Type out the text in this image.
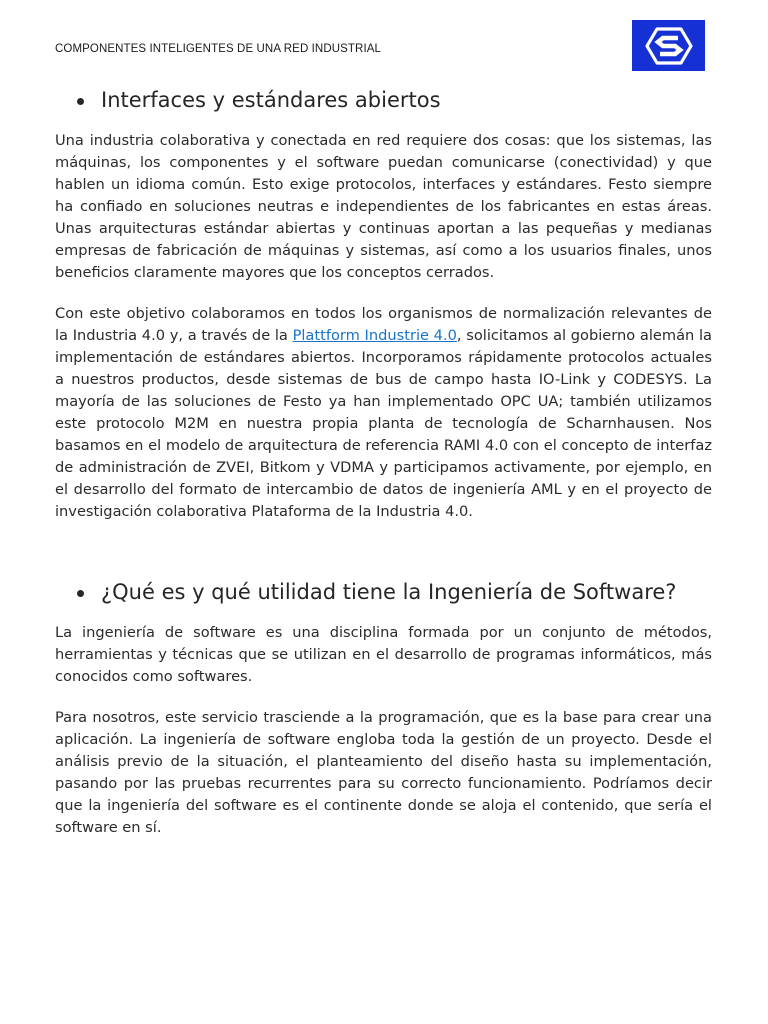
COMPONENTES INTELIGENTES DE UNA RED INDUSTRIAL
Interfaces y estándares abiertos

Una industria colaborativa y conectada en red requiere dos cosas: que los sistemas, las máquinas, los componentes y el software puedan comunicarse (conectividad) y que hablen un idioma común. Esto exige protocolos, interfaces y estándares. Festo siempre ha confiado en soluciones neutras e independientes de los fabricantes en estas áreas. Unas arquitecturas estándar abiertas y continuas aportan a las pequeñas y medianas empresas de fabricación de máquinas y sistemas, así como a los usuarios finales, unos beneficios claramente mayores que los conceptos cerrados.

Con este objetivo colaboramos en todos los organismos de normalización relevantes de la Industria 4.0 y, a través de la Plattform Industrie 4.0, solicitamos al gobierno alemán la implementación de estándares abiertos. Incorporamos rápidamente protocolos actuales a nuestros productos, desde sistemas de bus de campo hasta IO-Link y CODESYS. La mayoría de las soluciones de Festo ya han implementado OPC UA; también utilizamos este protocolo M2M en nuestra propia planta de tecnología de Scharnhausen. Nos basamos en el modelo de arquitectura de referencia RAMI 4.0 con el concepto de interfaz de administración de ZVEI, Bitkom y VDMA y participamos activamente, por ejemplo, en el desarrollo del formato de intercambio de datos de ingeniería AML y en el proyecto de investigación colaborativa Plataforma de la Industria 4.0.

¿Qué es y qué utilidad tiene la Ingeniería de Software?

La ingeniería de software es una disciplina formada por un conjunto de métodos, herramientas y técnicas que se utilizan en el desarrollo de programas informáticos, más conocidos como softwares.

Para nosotros, este servicio trasciende a la programación, que es la base para crear una aplicación. La ingeniería de software engloba toda la gestión de un proyecto. Desde el análisis previo de la situación, el planteamiento del diseño hasta su implementación, pasando por las pruebas recurrentes para su correcto funcionamiento. Podríamos decir que la ingeniería del software es el continente donde se aloja el contenido, que sería el software en sí.
